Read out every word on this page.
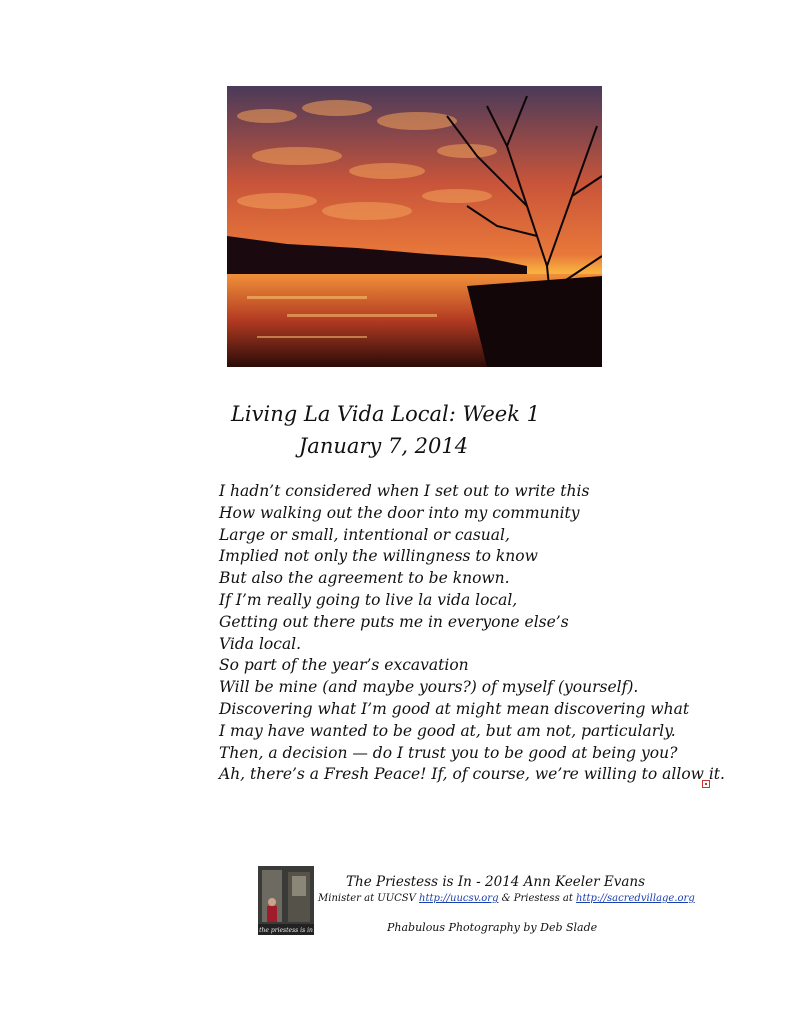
Living La Vida Local: Week 1
January 7, 2014
I hadn’t considered when I set out to write this
How walking out the door into my community
Large or small, intentional or casual,
Implied not only the willingness to know
But also the agreement to be known.
If I’m really going to live la vida local,
Getting out there puts me in everyone else’s
Vida local.
So part of the year’s excavation
Will be mine (and maybe yours?) of myself (yourself).
Discovering what I’m good at might mean discovering what
I may have wanted to be good at, but am not, particularly.
Then, a decision — do I trust you to be good at being you?
Ah, there’s a Fresh Peace! If, of course, we’re willing to allow it.
the priestess is in
The Priestess is In - 2014 Ann Keeler Evans
Minister at UUCSV http://uucsv.org & Priestess at http://sacredvillage.org
Phabulous Photography by Deb Slade
